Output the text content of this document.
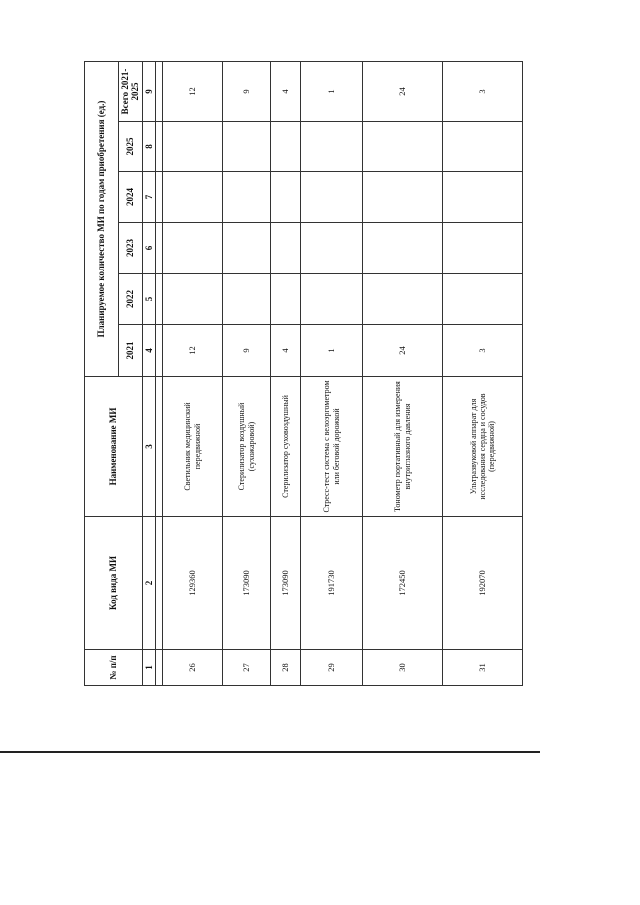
№ п/п	Код вида МИ	Наименование МИ	Планируемое количество МИ по годам приобретения (ед.)					
			2021	2022	2023	2024	2025	Всего 2021-2025
1	2	3	4	5	6	7	8	9

26	129360	Светильник медицинский передвижной	12					12
27	173090	Стерилизатор воздушный (сухожаровой)	9					9
28	173090	Стерилизатор суховоздушный	4					4
29	191730	Стресс-тест система с велоэргометром или беговой дорожкой	1					1
30	172450	Тонометр портативный для измерения внутриглазного давления	24					24
31	192070	Ультразвуковой аппарат для исследования сердца и сосудов (передвижной)	3					3
